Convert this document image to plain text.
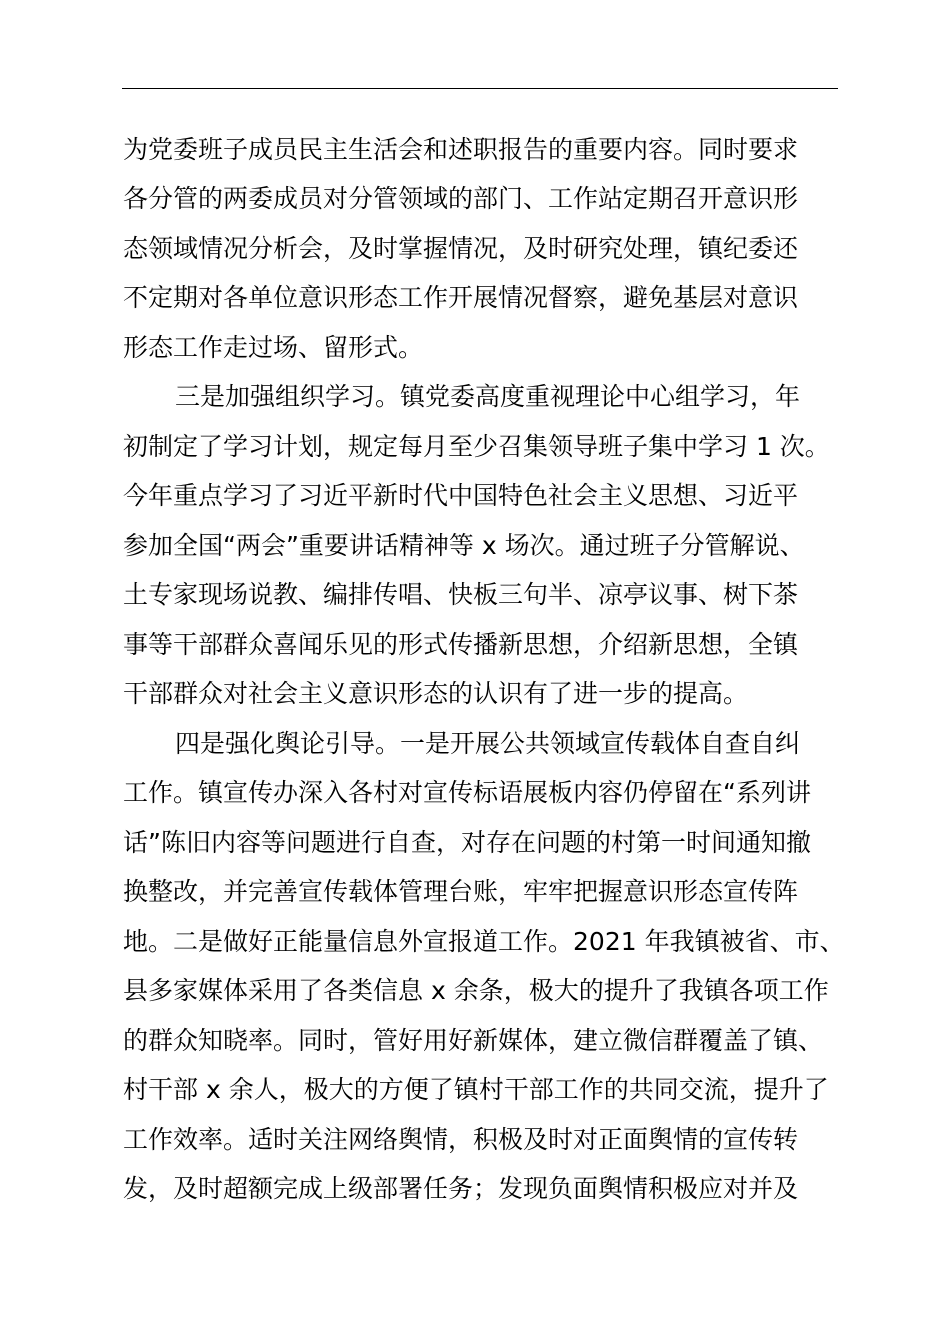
为党委班子成员民主生活会和述职报告的重要内容。同时要求
各分管的两委成员对分管领域的部门、工作站定期召开意识形
态领域情况分析会，及时掌握情况，及时研究处理，镇纪委还
不定期对各单位意识形态工作开展情况督察，避免基层对意识
形态工作走过场、留形式。
三是加强组织学习。镇党委高度重视理论中心组学习，年
初制定了学习计划，规定每月至少召集领导班子集中学习 1 次。
今年重点学习了习近平新时代中国特色社会主义思想、习近平
参加全国“两会”重要讲话精神等 x 场次。通过班子分管解说、
土专家现场说教、编排传唱、快板三句半、凉亭议事、树下茶
事等干部群众喜闻乐见的形式传播新思想，介绍新思想，全镇
干部群众对社会主义意识形态的认识有了进一步的提高。
四是强化舆论引导。一是开展公共领域宣传载体自查自纠
工作。镇宣传办深入各村对宣传标语展板内容仍停留在“系列讲
话”陈旧内容等问题进行自查，对存在问题的村第一时间通知撤
换整改，并完善宣传载体管理台账，牢牢把握意识形态宣传阵
地。二是做好正能量信息外宣报道工作。2021 年我镇被省、市、
县多家媒体采用了各类信息 x 余条，极大的提升了我镇各项工作
的群众知晓率。同时，管好用好新媒体，建立微信群覆盖了镇、
村干部 x 余人，极大的方便了镇村干部工作的共同交流，提升了
工作效率。适时关注网络舆情，积极及时对正面舆情的宣传转
发，及时超额完成上级部署任务；发现负面舆情积极应对并及
